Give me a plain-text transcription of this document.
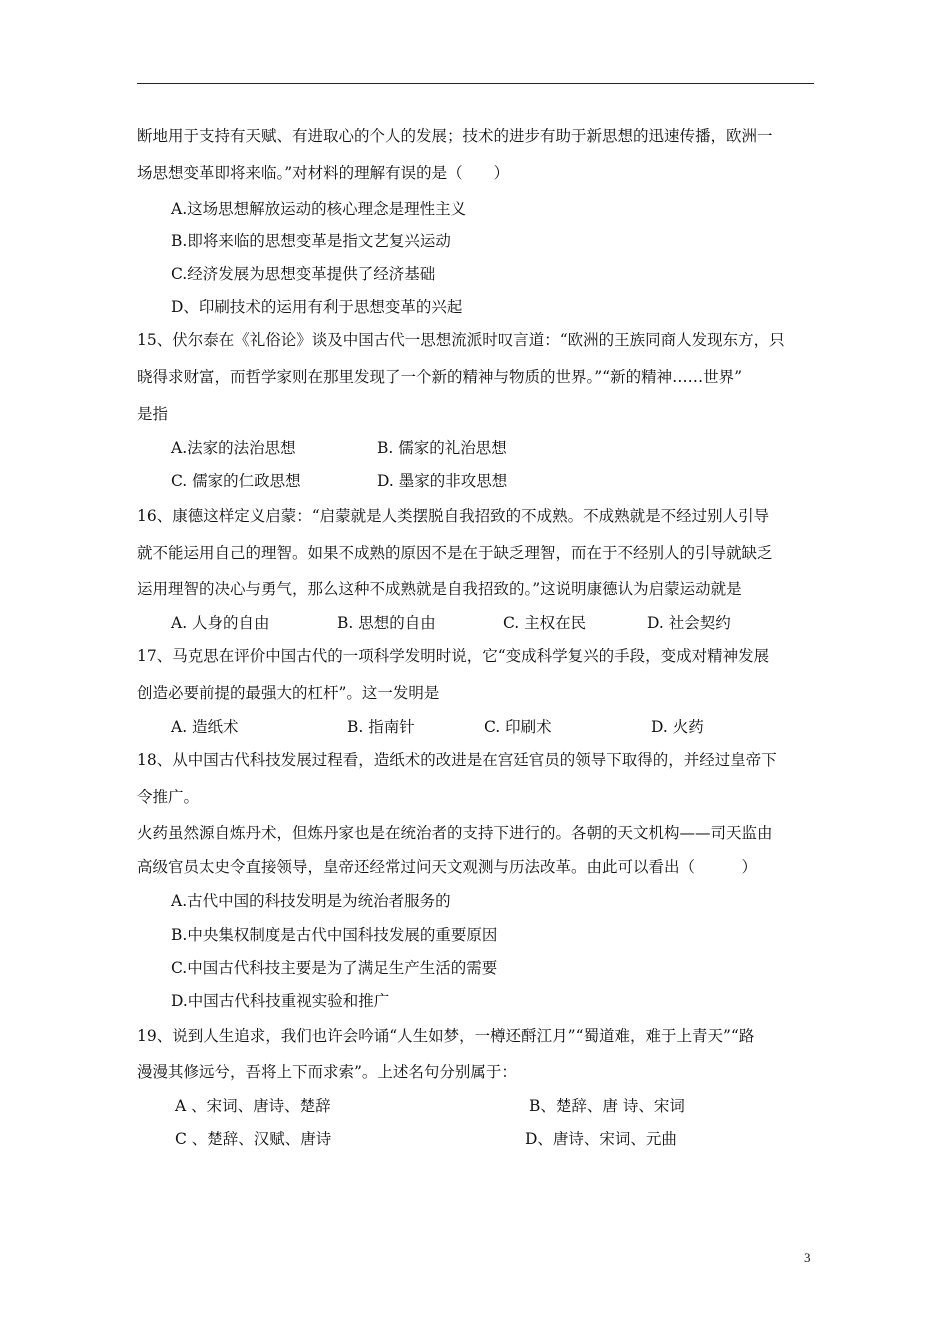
断地用于支持有天赋、有进取心的个人的发展；技术的进步有助于新思想的迅速传播，欧洲一
场思想变革即将来临。”对材料的理解有误的是（　　）
A.这场思想解放运动的核心理念是理性主义
B.即将来临的思想变革是指文艺复兴运动
C.经济发展为思想变革提供了经济基础
D、印刷技术的运用有利于思想变革的兴起
15、伏尔泰在《礼俗论》谈及中国古代一思想流派时叹言道：“欧洲的王族同商人发现东方，只
晓得求财富，而哲学家则在那里发现了一个新的精神与物质的世界。”“新的精神……世界”
是指
A.法家的法治思想	B. 儒家的礼治思想
C. 儒家的仁政思想	D. 墨家的非攻思想
16、康德这样定义启蒙：“启蒙就是人类摆脱自我招致的不成熟。不成熟就是不经过别人引导
就不能运用自己的理智。如果不成熟的原因不是在于缺乏理智，而在于不经别人的引导就缺乏
运用理智的决心与勇气，那么这种不成熟就是自我招致的。”这说明康德认为启蒙运动就是
A. 人身的自由	B. 思想的自由	C. 主权在民	D. 社会契约
17、马克思在评价中国古代的一项科学发明时说，它“变成科学复兴的手段，变成对精神发展
创造必要前提的最强大的杠杆”。这一发明是
A. 造纸术	B. 指南针	C. 印刷术	D. 火药
18、从中国古代科技发展过程看，造纸术的改进是在宫廷官员的领导下取得的，并经过皇帝下
令推广。
火药虽然源自炼丹术，但炼丹家也是在统治者的支持下进行的。各朝的天文机构——司天监由
高级官员太史令直接领导，皇帝还经常过问天文观测与历法改革。由此可以看出（　　　）
A.古代中国的科技发明是为统治者服务的
B.中央集权制度是古代中国科技发展的重要原因
C.中国古代科技主要是为了满足生产生活的需要
D.中国古代科技重视实验和推广
19、说到人生追求，我们也许会吟诵“人生如梦，一樽还酹江月”“蜀道难，难于上青天”“路
漫漫其修远兮，吾将上下而求索”。上述名句分别属于：
A 、宋词、唐诗、楚辞	B、楚辞、唐 诗、宋词
C 、楚辞、汉赋、唐诗	D、唐诗、宋词、元曲
3
